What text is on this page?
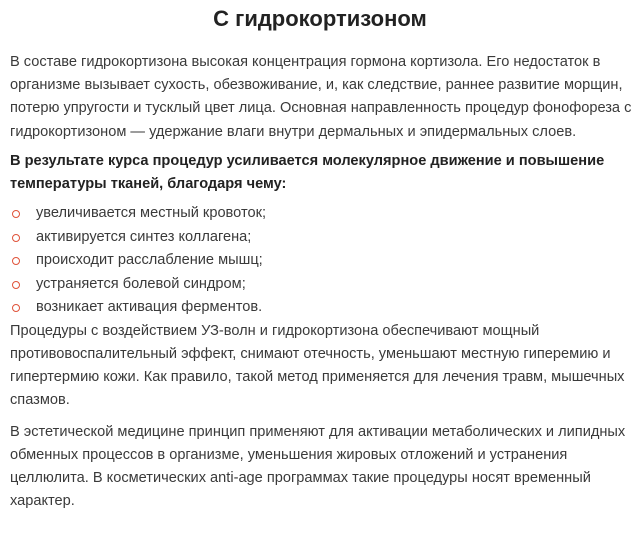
С гидрокортизоном

В составе гидрокортизона высокая концентрация гормона кортизола. Его недостаток в организме вызывает сухость, обезвоживание, и, как следствие, раннее развитие морщин, потерю упругости и тусклый цвет лица. Основная направленность процедур фонофореза с гидрокортизоном — удержание влаги внутри дермальных и эпидермальных слоев.

В результате курса процедур усиливается молекулярное движение и повышение температуры тканей, благодаря чему:

увеличивается местный кровоток;
активируется синтез коллагена;
происходит расслабление мышц;
устраняется болевой синдром;
возникает активация ферментов.

Процедуры с воздействием УЗ-волн и гидрокортизона обеспечивают мощный противовоспалительный эффект, снимают отечность, уменьшают местную гиперемию и гипертермию кожи. Как правило, такой метод применяется для лечения травм, мышечных спазмов.

В эстетической медицине принцип применяют для активации метаболических и липидных обменных процессов в организме, уменьшения жировых отложений и устранения целлюлита. В косметических anti-age программах такие процедуры носят временный характер.
